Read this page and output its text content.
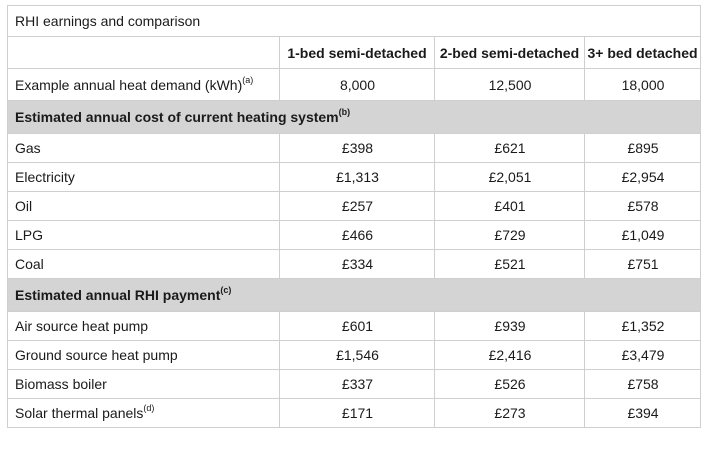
RHI earnings and comparison			
	1-bed semi-detached	2-bed semi-detached	3+ bed detached
Example annual heat demand (kWh)$^{(a)}$	8,000	12,500	18,000
Estimated annual cost of current heating system$^{(b)}$
Gas	£398	£621	£895
Electricity	£1,313	£2,051	£2,954
Oil	£257	£401	£578
LPG	£466	£729	£1,049
Coal	£334	£521	£751
Estimated annual RHI payment$^{(c)}$
Air source heat pump	£601	£939	£1,352
Ground source heat pump	£1,546	£2,416	£3,479
Biomass boiler	£337	£526	£758
Solar thermal panels$^{(d)}$	£171	£273	£394
